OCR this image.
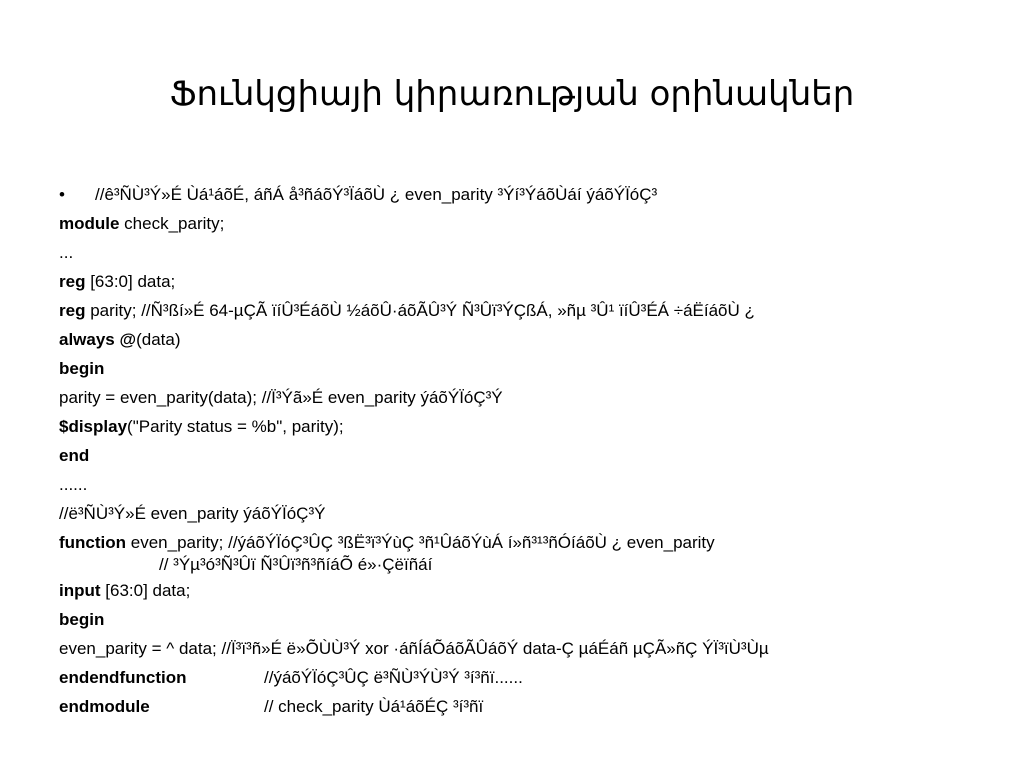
Ֆունկցիայի կիրառության օրինակներ
•	//ê³ÑÙ³Ý»É Ùá¹áõÉ, áñÁ å³ñáõÝ³ÏáõÙ ¿ even_parity ³Ýí³ÝáõÙáí ýáõÝÏóÇ³
module check_parity;
...
reg [63:0] data;
reg parity; //Ñ³ßí»É 64-µÇÃ ïíÛ³ÉáõÙ ½áõÛ·áõÃÛ³Ý Ñ³Ûï³ÝÇßÁ, »ñµ ³Û¹ ïíÛ³ÉÁ ÷áËíáõÙ ¿
always @(data)
begin
parity = even_parity(data); //Ï³Ýã»É even_parity ýáõÝÏóÇ³Ý
$display("Parity status = %b", parity);
end
......
//ë³ÑÙ³Ý»É even_parity ýáõÝÏóÇ³Ý
function even_parity; //ýáõÝÏóÇ³ÛÇ ³ßË³ï³ÝùÇ ³ñ¹ÛáõÝùÁ í»ñ³¹³ñÓíáõÙ ¿ even_parity
// ³Ýµ³ó³Ñ³Ûï Ñ³Ûï³ñ³ñíáÕ é»·Çëïñáí
input [63:0] data;
begin
even_parity = ^ data; //Ï³ï³ñ»É ë»ÕÙÙ³Ý xor ·áñÍáÕáõÃÛáõÝ data-Ç µáÉáñ µÇÃ»ñÇ ÝÏ³ïÙ³Ùµ
endendfunction	//ýáõÝÏóÇ³ÛÇ ë³ÑÙ³ÝÙ³Ý ³í³ñï......
endmodule	// check_parity Ùá¹áõÉÇ ³í³ñï
